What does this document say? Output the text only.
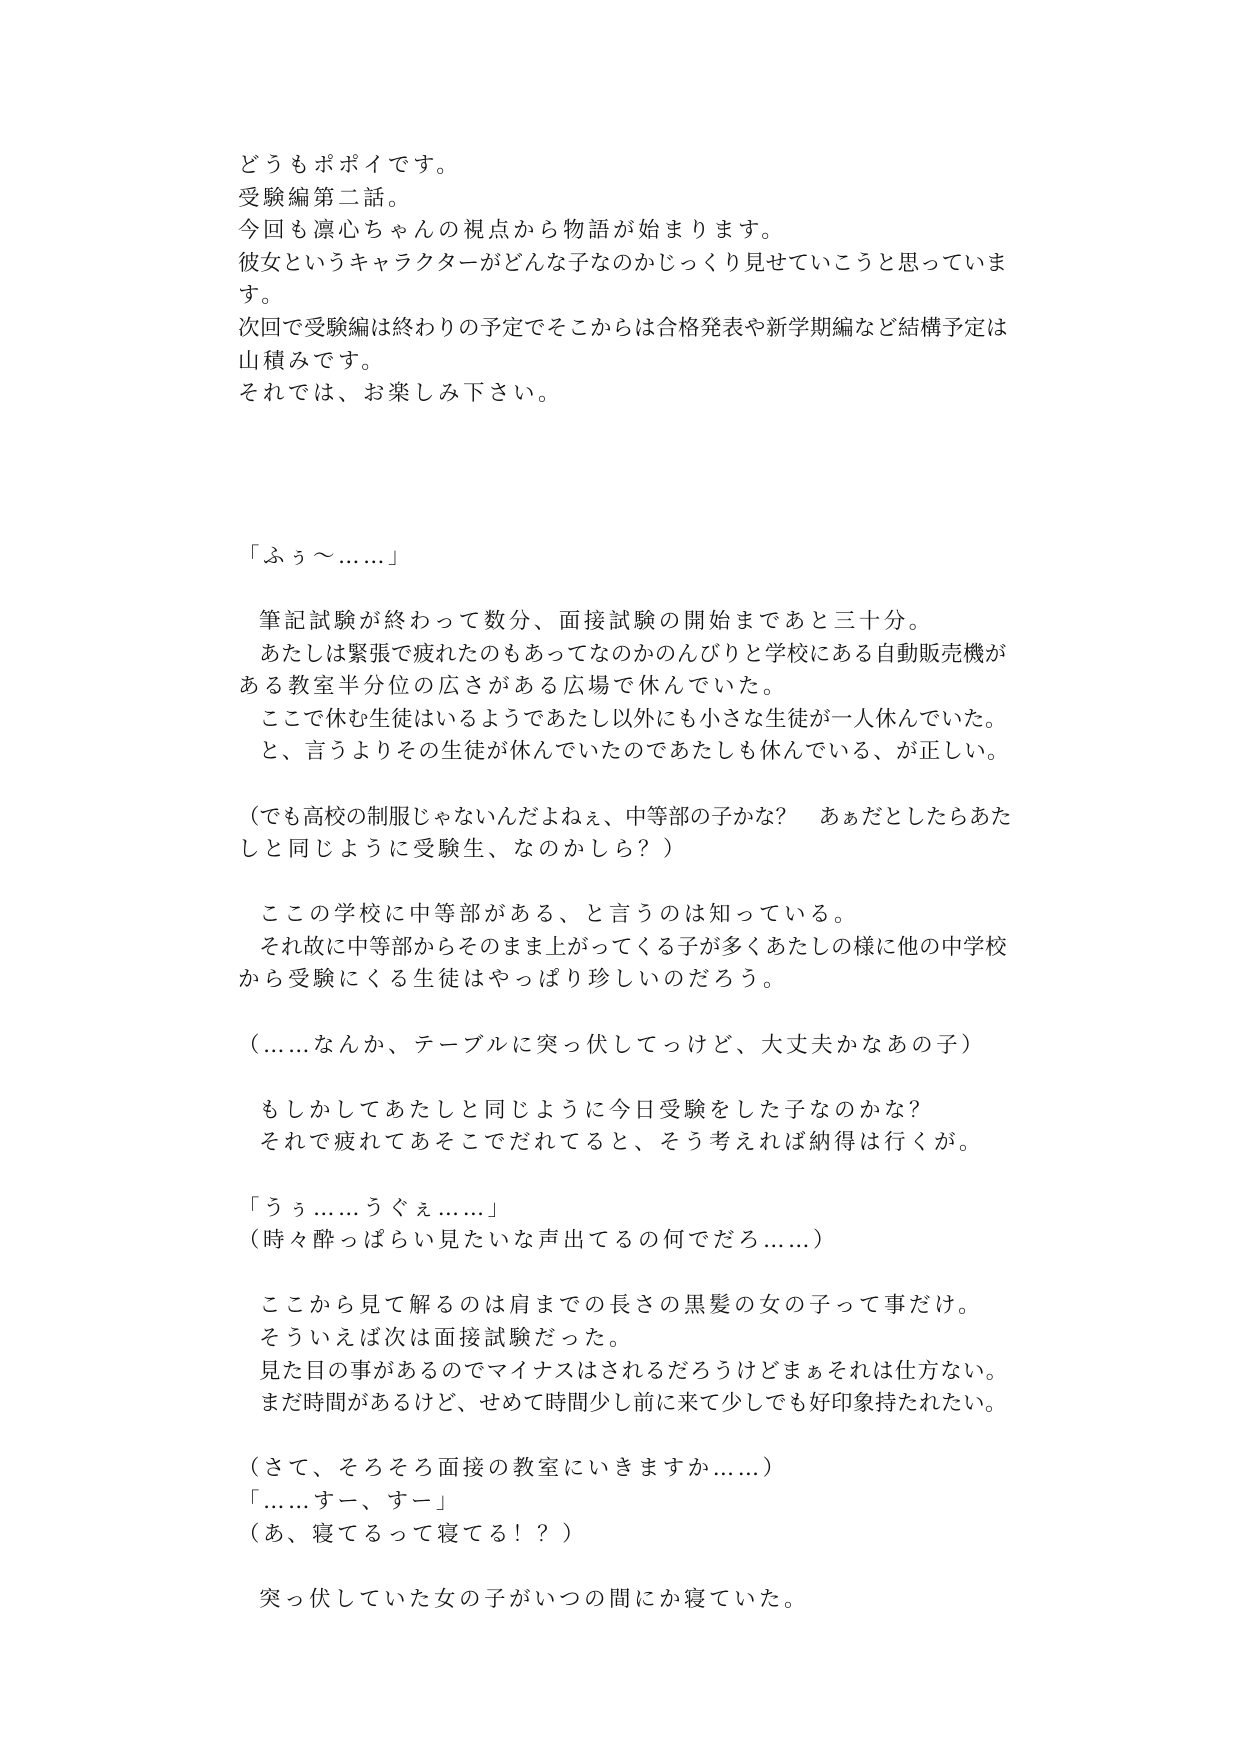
どうもポポイです。
受験編第二話。
今回も凛心ちゃんの視点から物語が始まります。
彼女というキャラクターがどんな子なのかじっくり見せていこうと思っていま
す。
次回で受験編は終わりの予定でそこからは合格発表や新学期編など結構予定は
山積みです。
それでは、お楽しみ下さい。
「ふぅ～……」
筆記試験が終わって数分、面接試験の開始まであと三十分。
あたしは緊張で疲れたのもあってなのかのんびりと学校にある自動販売機が
ある教室半分位の広さがある広場で休んでいた。
ここで休む生徒はいるようであたし以外にも小さな生徒が一人休んでいた。
と、言うよりその生徒が休んでいたのであたしも休んでいる、が正しい。
（でも高校の制服じゃないんだよねぇ、中等部の子かな？　あぁだとしたらあた
しと同じように受験生、なのかしら？）
ここの学校に中等部がある、と言うのは知っている。
それ故に中等部からそのまま上がってくる子が多くあたしの様に他の中学校
から受験にくる生徒はやっぱり珍しいのだろう。
（……なんか、テーブルに突っ伏してっけど、大丈夫かなあの子）
もしかしてあたしと同じように今日受験をした子なのかな？
それで疲れてあそこでだれてると、そう考えれば納得は行くが。
「うぅ……うぐぇ……」
（時々酔っぱらい見たいな声出てるの何でだろ……）
ここから見て解るのは肩までの長さの黒髪の女の子って事だけ。
そういえば次は面接試験だった。
見た目の事があるのでマイナスはされるだろうけどまぁそれは仕方ない。
まだ時間があるけど、せめて時間少し前に来て少しでも好印象持たれたい。
（さて、そろそろ面接の教室にいきますか……）
「……すー、すー」
（あ、寝てるって寝てる！？）
突っ伏していた女の子がいつの間にか寝ていた。
